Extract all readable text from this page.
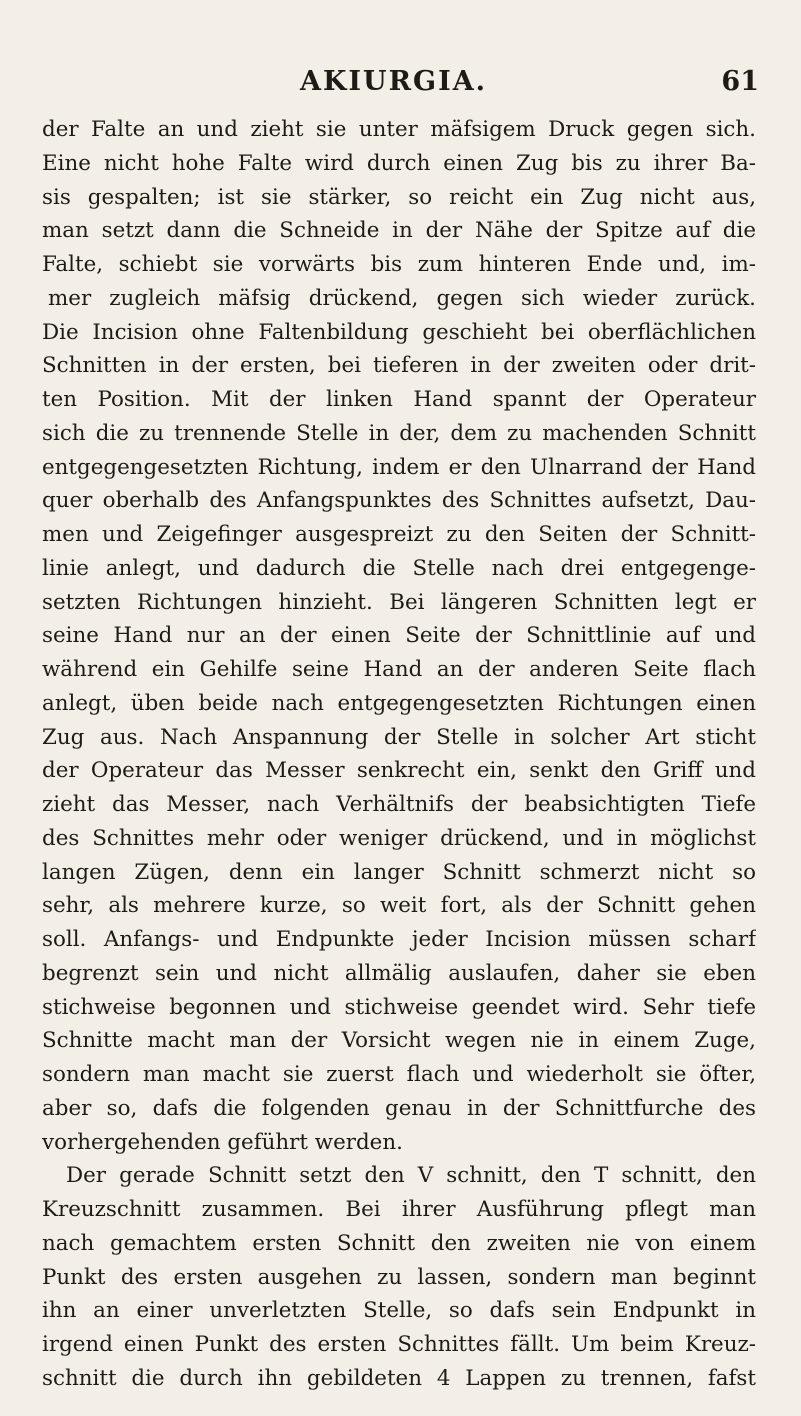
AKIURGIA.	61
der Falte an und zieht sie unter mäfsigem Druck gegen sich.
Eine nicht hohe Falte wird durch einen Zug bis zu ihrer Ba-
sis gespalten; ist sie stärker, so reicht ein Zug nicht aus,
man setzt dann die Schneide in der Nähe der Spitze auf die
Falte, schiebt sie vorwärts bis zum hinteren Ende und, im-
mer zugleich mäfsig drückend, gegen sich wieder zurück.
Die Incision ohne Faltenbildung geschieht bei oberflächlichen
Schnitten in der ersten, bei tieferen in der zweiten oder drit-
ten Position. Mit der linken Hand spannt der Operateur
sich die zu trennende Stelle in der, dem zu machenden Schnitt
entgegengesetzten Richtung, indem er den Ulnarrand der Hand
quer oberhalb des Anfangspunktes des Schnittes aufsetzt, Dau-
men und Zeigefinger ausgespreizt zu den Seiten der Schnitt-
linie anlegt, und dadurch die Stelle nach drei entgegenge-
setzten Richtungen hinzieht. Bei längeren Schnitten legt er
seine Hand nur an der einen Seite der Schnittlinie auf und
während ein Gehilfe seine Hand an der anderen Seite flach
anlegt, üben beide nach entgegengesetzten Richtungen einen
Zug aus. Nach Anspannung der Stelle in solcher Art sticht
der Operateur das Messer senkrecht ein, senkt den Griff und
zieht das Messer, nach Verhältnifs der beabsichtigten Tiefe
des Schnittes mehr oder weniger drückend, und in möglichst
langen Zügen, denn ein langer Schnitt schmerzt nicht so
sehr, als mehrere kurze, so weit fort, als der Schnitt gehen
soll. Anfangs- und Endpunkte jeder Incision müssen scharf
begrenzt sein und nicht allmälig auslaufen, daher sie eben
stichweise begonnen und stichweise geendet wird. Sehr tiefe
Schnitte macht man der Vorsicht wegen nie in einem Zuge,
sondern man macht sie zuerst flach und wiederholt sie öfter,
aber so, dafs die folgenden genau in der Schnittfurche des
vorhergehenden geführt werden.
Der gerade Schnitt setzt den V schnitt, den T schnitt, den
Kreuzschnitt zusammen. Bei ihrer Ausführung pflegt man
nach gemachtem ersten Schnitt den zweiten nie von einem
Punkt des ersten ausgehen zu lassen, sondern man beginnt
ihn an einer unverletzten Stelle, so dafs sein Endpunkt in
irgend einen Punkt des ersten Schnittes fällt. Um beim Kreuz-
schnitt die durch ihn gebildeten 4 Lappen zu trennen, fafst
